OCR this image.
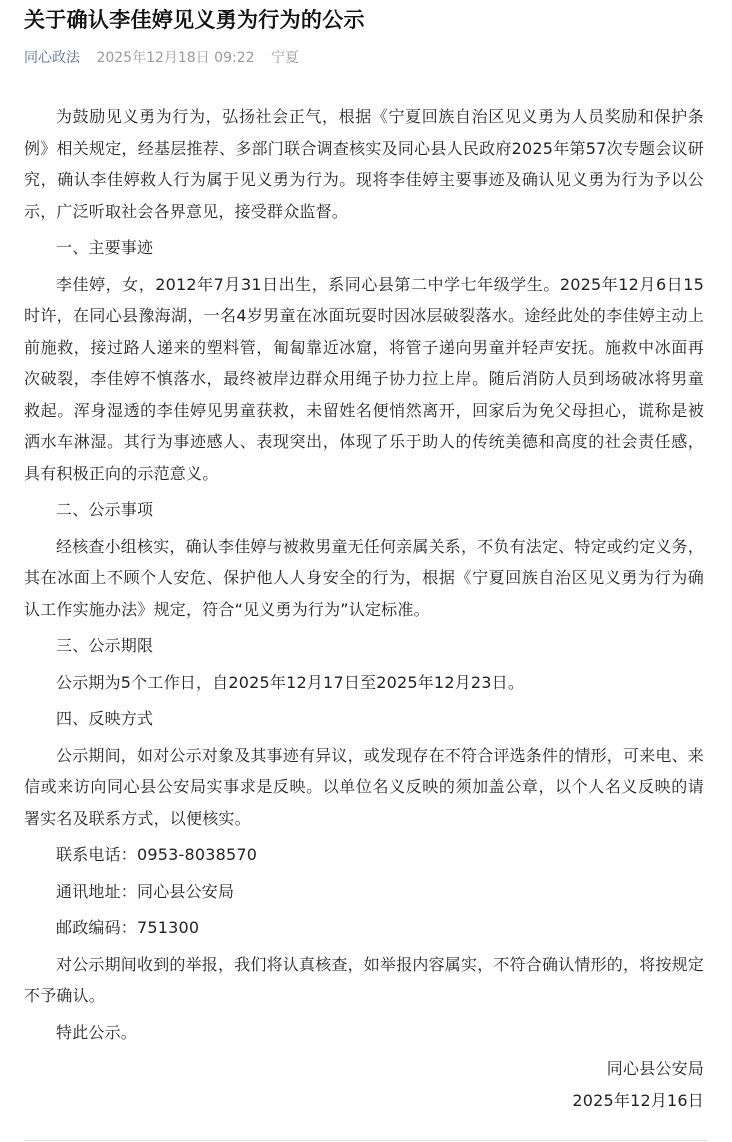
关于确认李佳婷见义勇为行为的公示
同心政法 2025年12月18日 09:22 宁夏

为鼓励见义勇为行为，弘扬社会正气，根据《宁夏回族自治区见义勇为人员奖励和保护条例》相关规定，经基层推荐、多部门联合调查核实及同心县人民政府2025年第57次专题会议研究，确认李佳婷救人行为属于见义勇为行为。现将李佳婷主要事迹及确认见义勇为行为予以公示，广泛听取社会各界意见，接受群众监督。

一、主要事迹

李佳婷，女，2012年7月31日出生，系同心县第二中学七年级学生。2025年12月6日15时许，在同心县豫海湖，一名4岁男童在冰面玩耍时因冰层破裂落水。途经此处的李佳婷主动上前施救，接过路人递来的塑料管，匍匐靠近冰窟，将管子递向男童并轻声安抚。施救中冰面再次破裂，李佳婷不慎落水，最终被岸边群众用绳子协力拉上岸。随后消防人员到场破冰将男童救起。浑身湿透的李佳婷见男童获救，未留姓名便悄然离开，回家后为免父母担心，谎称是被洒水车淋湿。其行为事迹感人、表现突出，体现了乐于助人的传统美德和高度的社会责任感，具有积极正向的示范意义。

二、公示事项

经核查小组核实，确认李佳婷与被救男童无任何亲属关系，不负有法定、特定或约定义务，其在冰面上不顾个人安危、保护他人人身安全的行为，根据《宁夏回族自治区见义勇为行为确认工作实施办法》规定，符合“见义勇为行为”认定标准。

三、公示期限

公示期为5个工作日，自2025年12月17日至2025年12月23日。

四、反映方式

公示期间，如对公示对象及其事迹有异议，或发现存在不符合评选条件的情形，可来电、来信或来访向同心县公安局实事求是反映。以单位名义反映的须加盖公章，以个人名义反映的请署实名及联系方式，以便核实。

联系电话：0953-8038570

通讯地址：同心县公安局

邮政编码：751300

对公示期间收到的举报，我们将认真核查，如举报内容属实，不符合确认情形的，将按规定不予确认。

特此公示。

同心县公安局

2025年12月16日
